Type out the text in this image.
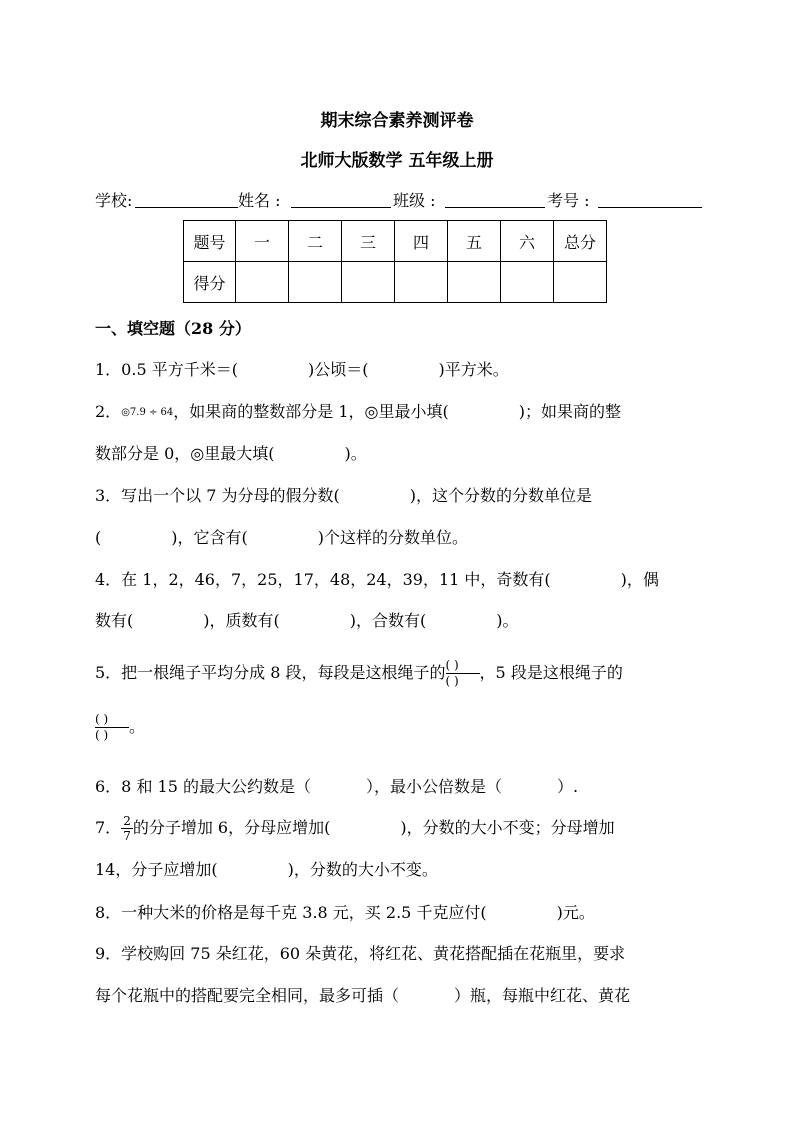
期末综合素养测评卷
北师大版数学 五年级上册
学校:	姓名 :	班级 :	考号 :
题号	一	二	三	四	五	六	总分
得分							
一、填空题（28 分）
1．0.5 平方千米＝(	)公顷＝(	)平方米。
2．◎7.9 ÷ 64，如果商的整数部分是 1，◎里最小填(	)；如果商的整
数部分是 0，◎里最大填(	)。
3．写出一个以 7 为分母的假分数(	)，这个分数的分数单位是
(	)，它含有(	)个这样的分数单位。
4．在 1，2，46，7，25，17，48，24，39，11 中，奇数有(	)，偶
数有(	)，质数有(	)，合数有(	)。
5．把一根绳子平均分成 8 段，每段是这根绳子的 $\frac{( )}{( )}$ ，5 段是这根绳子的
$\frac{( )}{( )}$ 。
6．8 和 15 的最大公约数是（	），最小公倍数是（	）.
7． $\frac{2}{7}$ 的分子增加 6，分母应增加(	)，分数的大小不变；分母增加
14，分子应增加(	)，分数的大小不变。
8．一种大米的价格是每千克 3.8 元，买 2.5 千克应付(	)元。
9．学校购回 75 朵红花，60 朵黄花，将红花、黄花搭配插在花瓶里，要求
每个花瓶中的搭配要完全相同，最多可插（	）瓶，每瓶中红花、黄花
